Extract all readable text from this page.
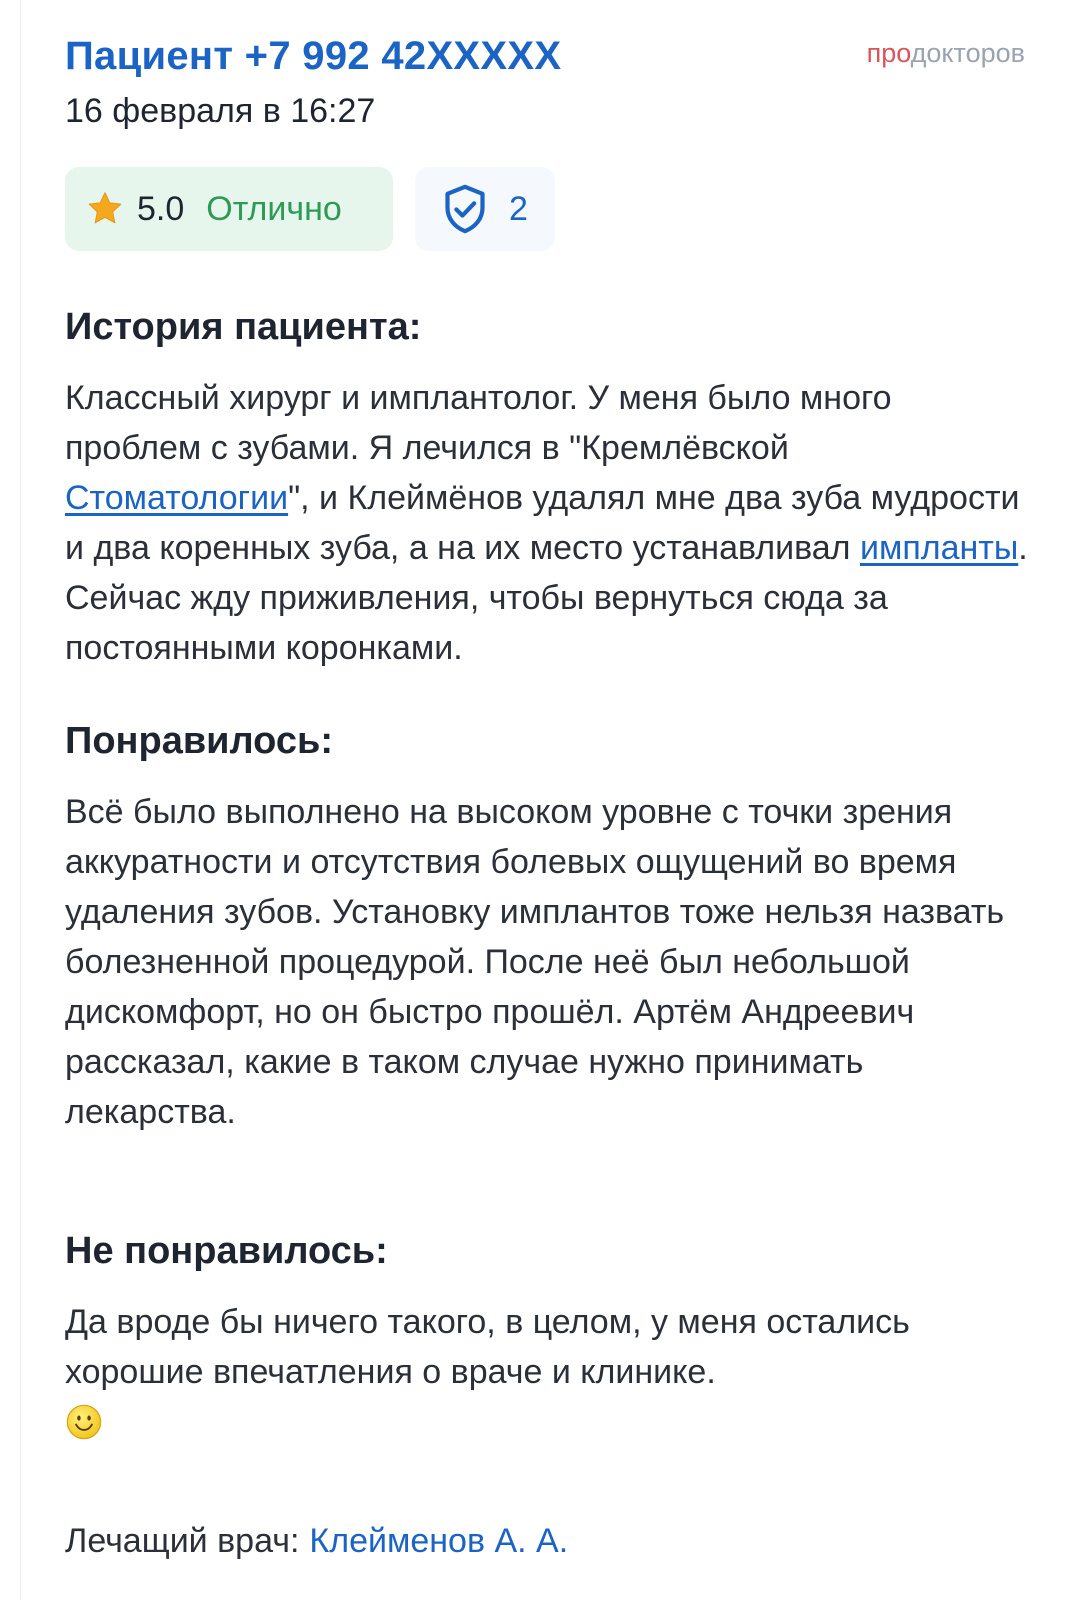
Пациент +7 992 42XXXXX
16 февраля в 16:27
продокторов
5.0 Отлично	2
История пациента:
Классный хирург и имплантолог. У меня было много проблем с зубами. Я лечился в "Кремлёвской Стоматологии", и Клеймёнов удалял мне два зуба мудрости и два коренных зуба, а на их место устанавливал импланты. Сейчас жду приживления, чтобы вернуться сюда за постоянными коронками.
Понравилось:
Всё было выполнено на высоком уровне с точки зрения аккуратности и отсутствия болевых ощущений во время удаления зубов. Установку имплантов тоже нельзя назвать болезненной процедурой. После неё был небольшой дискомфорт, но он быстро прошёл. Артём Андреевич рассказал, какие в таком случае нужно принимать лекарства.
Не понравилось:
Да вроде бы ничего такого, в целом, у меня остались хорошие впечатления о враче и клинике.

Лечащий врач: Клейменов А. А.
